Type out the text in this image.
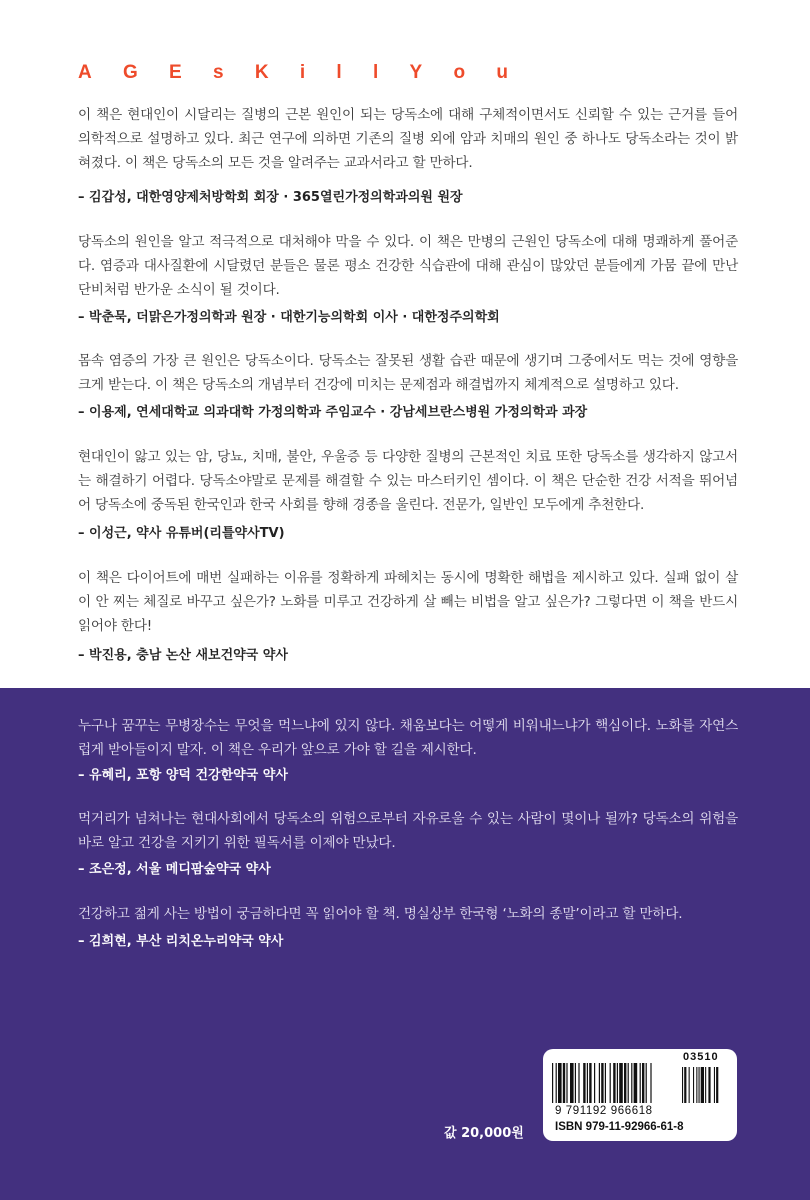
A G E s K i l l Y o u

이 책은 현대인이 시달리는 질병의 근본 원인이 되는 당독소에 대해 구체적이면서도 신뢰할 수 있는 근거를 들어 의학적으로 설명하고 있다. 최근 연구에 의하면 기존의 질병 외에 암과 치매의 원인 중 하나도 당독소라는 것이 밝혀졌다. 이 책은 당독소의 모든 것을 알려주는 교과서라고 할 만하다.

– 김갑성, 대한영양제처방학회 회장 · 365열린가정의학과의원 원장

당독소의 원인을 알고 적극적으로 대처해야 막을 수 있다. 이 책은 만병의 근원인 당독소에 대해 명쾌하게 풀어준다. 염증과 대사질환에 시달렸던 분들은 물론 평소 건강한 식습관에 대해 관심이 많았던 분들에게 가뭄 끝에 만난 단비처럼 반가운 소식이 될 것이다.

– 박춘묵, 더맑은가정의학과 원장 · 대한기능의학회 이사 · 대한정주의학회

몸속 염증의 가장 큰 원인은 당독소이다. 당독소는 잘못된 생활 습관 때문에 생기며 그중에서도 먹는 것에 영향을 크게 받는다. 이 책은 당독소의 개념부터 건강에 미치는 문제점과 해결법까지 체계적으로 설명하고 있다.

– 이용제, 연세대학교 의과대학 가정의학과 주임교수 · 강남세브란스병원 가정의학과 과장

현대인이 앓고 있는 암, 당뇨, 치매, 불안, 우울증 등 다양한 질병의 근본적인 치료 또한 당독소를 생각하지 않고서는 해결하기 어렵다. 당독소야말로 문제를 해결할 수 있는 마스터키인 셈이다. 이 책은 단순한 건강 서적을 뛰어넘어 당독소에 중독된 한국인과 한국 사회를 향해 경종을 울린다. 전문가, 일반인 모두에게 추천한다.

– 이성근, 약사 유튜버(리틀약사TV)

이 책은 다이어트에 매번 실패하는 이유를 정확하게 파헤치는 동시에 명확한 해법을 제시하고 있다. 실패 없이 살이 안 찌는 체질로 바꾸고 싶은가? 노화를 미루고 건강하게 살 빼는 비법을 알고 싶은가? 그렇다면 이 책을 반드시 읽어야 한다!

– 박진용, 충남 논산 새보건약국 약사

누구나 꿈꾸는 무병장수는 무엇을 먹느냐에 있지 않다. 채움보다는 어떻게 비워내느냐가 핵심이다. 노화를 자연스럽게 받아들이지 말자. 이 책은 우리가 앞으로 가야 할 길을 제시한다.

– 유혜리, 포항 양덕 건강한약국 약사

먹거리가 넘쳐나는 현대사회에서 당독소의 위험으로부터 자유로울 수 있는 사람이 몇이나 될까? 당독소의 위험을 바로 알고 건강을 지키기 위한 필독서를 이제야 만났다.

– 조은정, 서울 메디팜숲약국 약사

건강하고 젊게 사는 방법이 궁금하다면 꼭 읽어야 할 책. 명실상부 한국형 ‘노화의 종말’이라고 할 만하다.

– 김희현, 부산 리치온누리약국 약사

03510
9 791192 966618
ISBN 979-11-92966-61-8
값 20,000원
